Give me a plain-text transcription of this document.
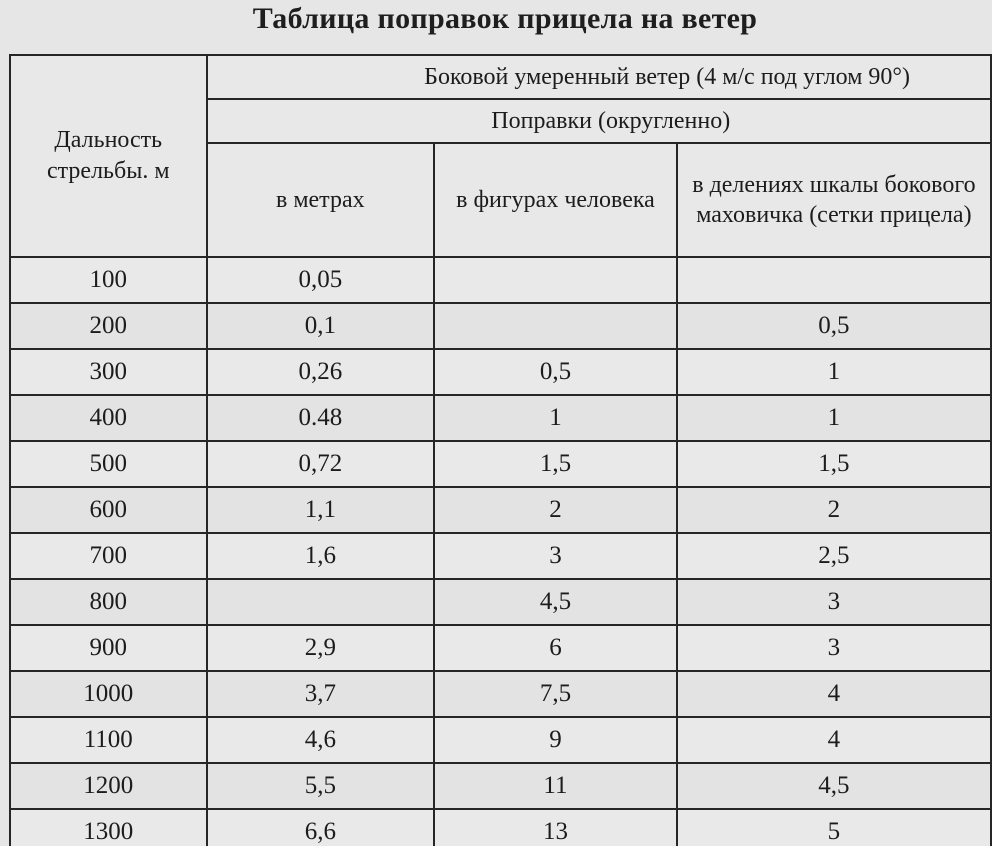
Таблица поправок прицела на ветер
Дальность стрельбы. м	Боковой умеренный ветер (4 м/с под углом 90°)		
	Поправки (округленно)		
	в метрах	в фигурах человека	в делениях шкалы бокового маховичка (сетки прицела)
100	0,05		
200	0,1		0,5
300	0,26	0,5	1
400	0.48	1	1
500	0,72	1,5	1,5
600	1,1	2	2
700	1,6	3	2,5
800		4,5	3
900	2,9	6	3
1000	3,7	7,5	4
1100	4,6	9	4
1200	5,5	11	4,5
1300	6,6	13	5
